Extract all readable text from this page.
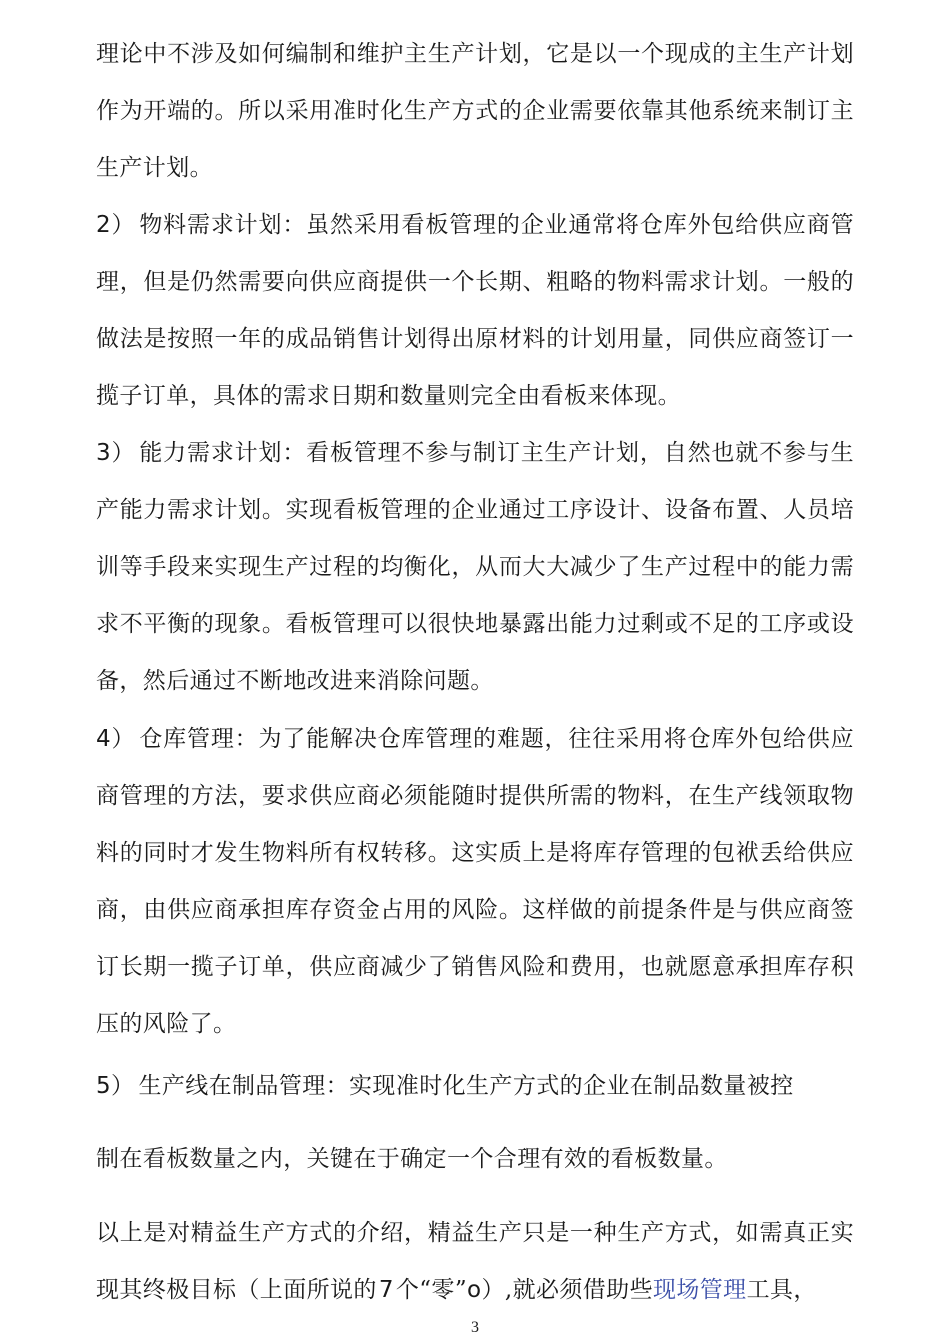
理论中不涉及如何编制和维护主生产计划，它是以一个现成的主生产计划作为开端的。所以采用准时化生产方式的企业需要依靠其他系统来制订主生产计划。

2） 物料需求计划：虽然采用看板管理的企业通常将仓库外包给供应商管理，但是仍然需要向供应商提供一个长期、粗略的物料需求计划。一般的做法是按照一年的成品销售计划得出原材料的计划用量，同供应商签订一揽子订单，具体的需求日期和数量则完全由看板来体现。

3） 能力需求计划：看板管理不参与制订主生产计划，自然也就不参与生产能力需求计划。实现看板管理的企业通过工序设计、设备布置、人员培训等手段来实现生产过程的均衡化，从而大大减少了生产过程中的能力需求不平衡的现象。看板管理可以很快地暴露出能力过剩或不足的工序或设备，然后通过不断地改进来消除问题。

4） 仓库管理：为了能解决仓库管理的难题，往往采用将仓库外包给供应商管理的方法，要求供应商必须能随时提供所需的物料，在生产线领取物料的同时才发生物料所有权转移。这实质上是将库存管理的包袱丢给供应商，由供应商承担库存资金占用的风险。这样做的前提条件是与供应商签订长期一揽子订单，供应商减少了销售风险和费用，也就愿意承担库存积压的风险了。

5） 生产线在制品管理：实现准时化生产方式的企业在制品数量被控

制在看板数量之内，关键在于确定一个合理有效的看板数量。

以上是对精益生产方式的介绍，精益生产只是一种生产方式，如需真正实现其终极目标（上面所说的7个“零”o）,就必须借助些现场管理工具，

3
